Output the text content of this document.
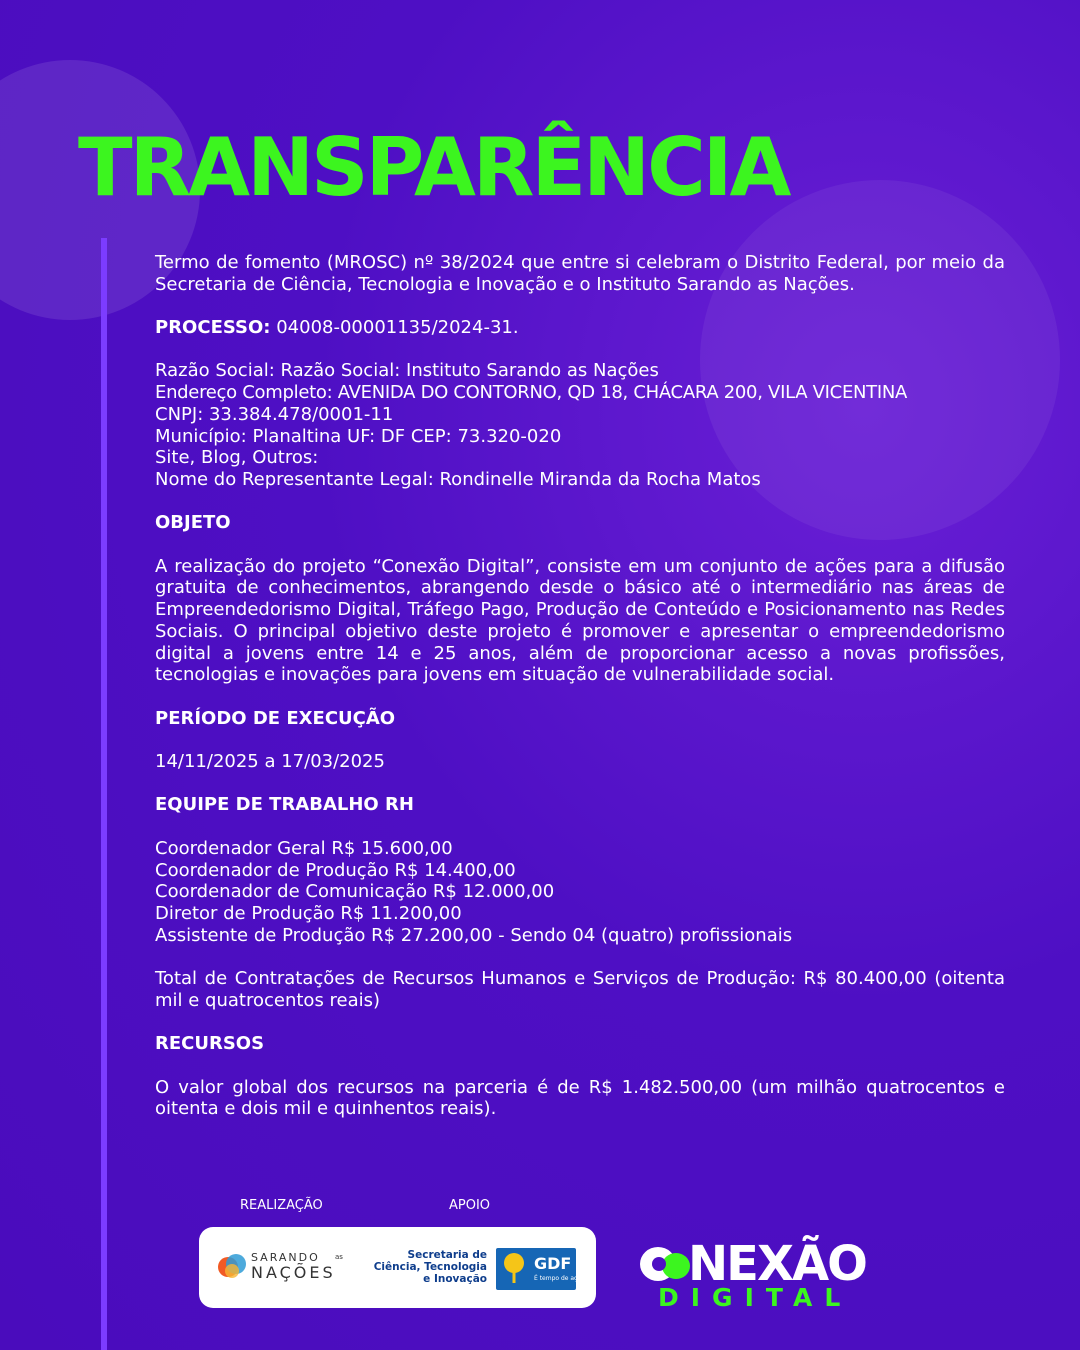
TRANSPARÊNCIA

Termo de fomento (MROSC) nº 38/2024 que entre si celebram o Distrito Federal, por meio da Secretaria de Ciência, Tecnologia e Inovação e o Instituto Sarando as Nações.

PROCESSO: 04008-00001135/2024-31.

Razão Social: Razão Social: Instituto Sarando as Nações

Endereço Completo: AVENIDA DO CONTORNO, QD 18, CHÁCARA 200, VILA VICENTINA

CNPJ: 33.384.478/0001-11

Município: Planaltina UF: DF CEP: 73.320-020

Site, Blog, Outros:

Nome do Representante Legal: Rondinelle Miranda da Rocha Matos

OBJETO

A realização do projeto “Conexão Digital”, consiste em um conjunto de ações para a difusão gratuita de conhecimentos, abrangendo desde o básico até o intermediário nas áreas de Empreendedorismo Digital, Tráfego Pago, Produção de Conteúdo e Posicionamento nas Redes Sociais. O principal objetivo deste projeto é promover e apresentar o empreendedorismo digital a jovens entre 14 e 25 anos, além de proporcionar acesso a novas profissões, tecnologias e inovações para jovens em situação de vulnerabilidade social.

PERÍODO DE EXECUÇÃO

14/11/2025 a 17/03/2025

EQUIPE DE TRABALHO RH

Coordenador Geral R$ 15.600,00

Coordenador de Produção R$ 14.400,00

Coordenador de Comunicação R$ 12.000,00

Diretor de Produção R$ 11.200,00

Assistente de Produção R$ 27.200,00 - Sendo 04 (quatro) profissionais

Total de Contratações de Recursos Humanos e Serviços de Produção: R$ 80.400,00 (oitenta mil e quatrocentos reais)

RECURSOS

O valor global dos recursos na parceria é de R$ 1.482.500,00 (um milhão quatrocentos e oitenta e dois mil e quinhentos reais).

REALIZAÇÃO	APOIO
SARANDO as
NAÇÕES
Secretaria de Ciência, Tecnologia e Inovação
GDF
É tempo de ação. NEXÃO
DIGITAL
